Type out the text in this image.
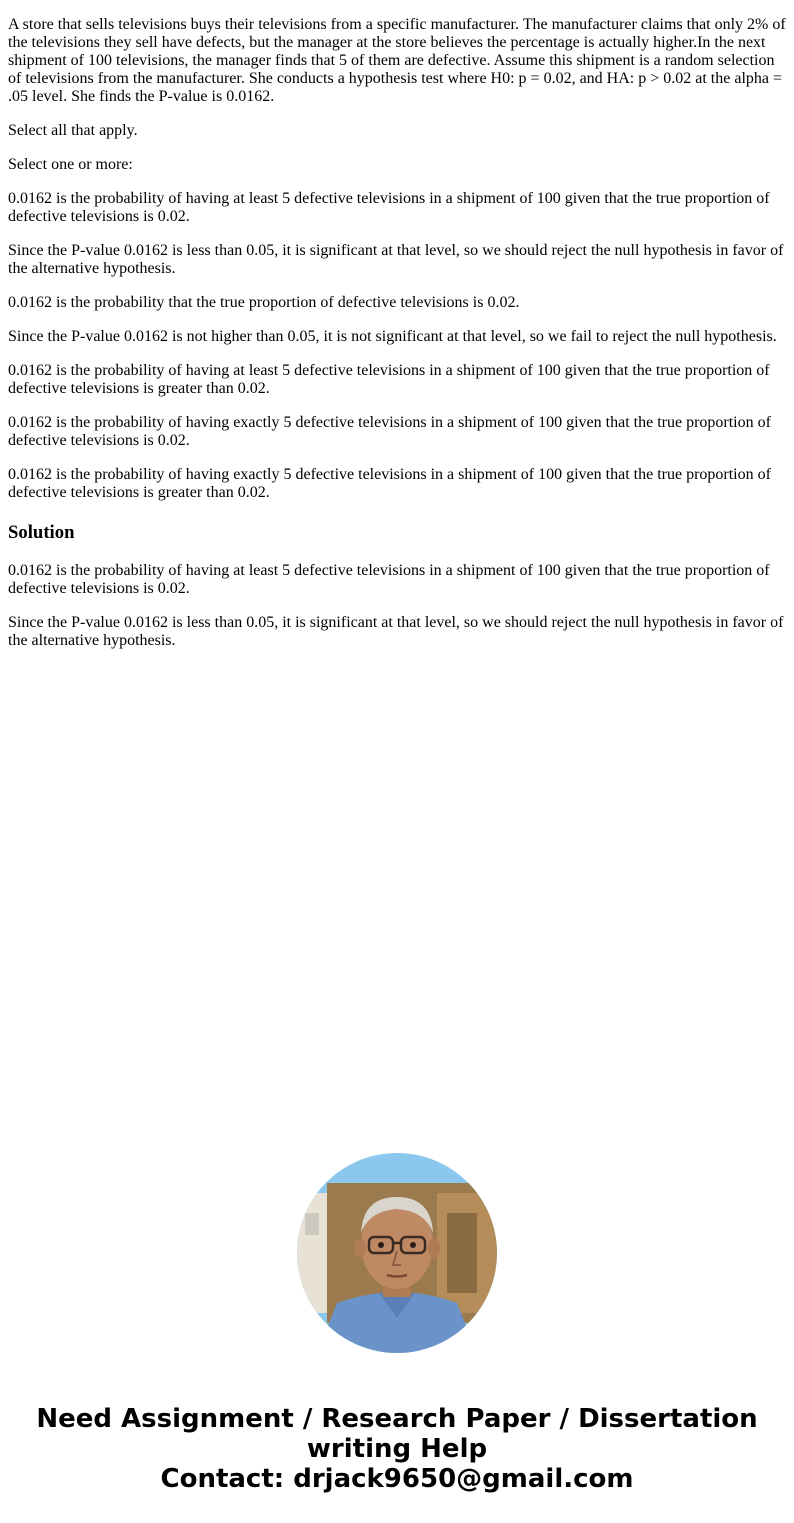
A store that sells televisions buys their televisions from a specific manufacturer. The manufacturer claims that only 2% of the televisions they sell have defects, but the manager at the store believes the percentage is actually higher.In the next shipment of 100 televisions, the manager finds that 5 of them are defective. Assume this shipment is a random selection of televisions from the manufacturer. She conducts a hypothesis test where H0: p = 0.02, and HA: p > 0.02 at the alpha = .05 level. She finds the P-value is 0.0162.

Select all that apply.

Select one or more:

0.0162 is the probability of having at least 5 defective televisions in a shipment of 100 given that the true proportion of defective televisions is 0.02.

Since the P-value 0.0162 is less than 0.05, it is significant at that level, so we should reject the null hypothesis in favor of the alternative hypothesis.

0.0162 is the probability that the true proportion of defective televisions is 0.02.

Since the P-value 0.0162 is not higher than 0.05, it is not significant at that level, so we fail to reject the null hypothesis.

0.0162 is the probability of having at least 5 defective televisions in a shipment of 100 given that the true proportion of defective televisions is greater than 0.02.

0.0162 is the probability of having exactly 5 defective televisions in a shipment of 100 given that the true proportion of defective televisions is 0.02.

0.0162 is the probability of having exactly 5 defective televisions in a shipment of 100 given that the true proportion of defective televisions is greater than 0.02.

Solution

0.0162 is the probability of having at least 5 defective televisions in a shipment of 100 given that the true proportion of defective televisions is 0.02.

Since the P-value 0.0162 is less than 0.05, it is significant at that level, so we should reject the null hypothesis in favor of the alternative hypothesis.

Need Assignment / Research Paper / Dissertation
writing Help
Contact: drjack9650@gmail.com
